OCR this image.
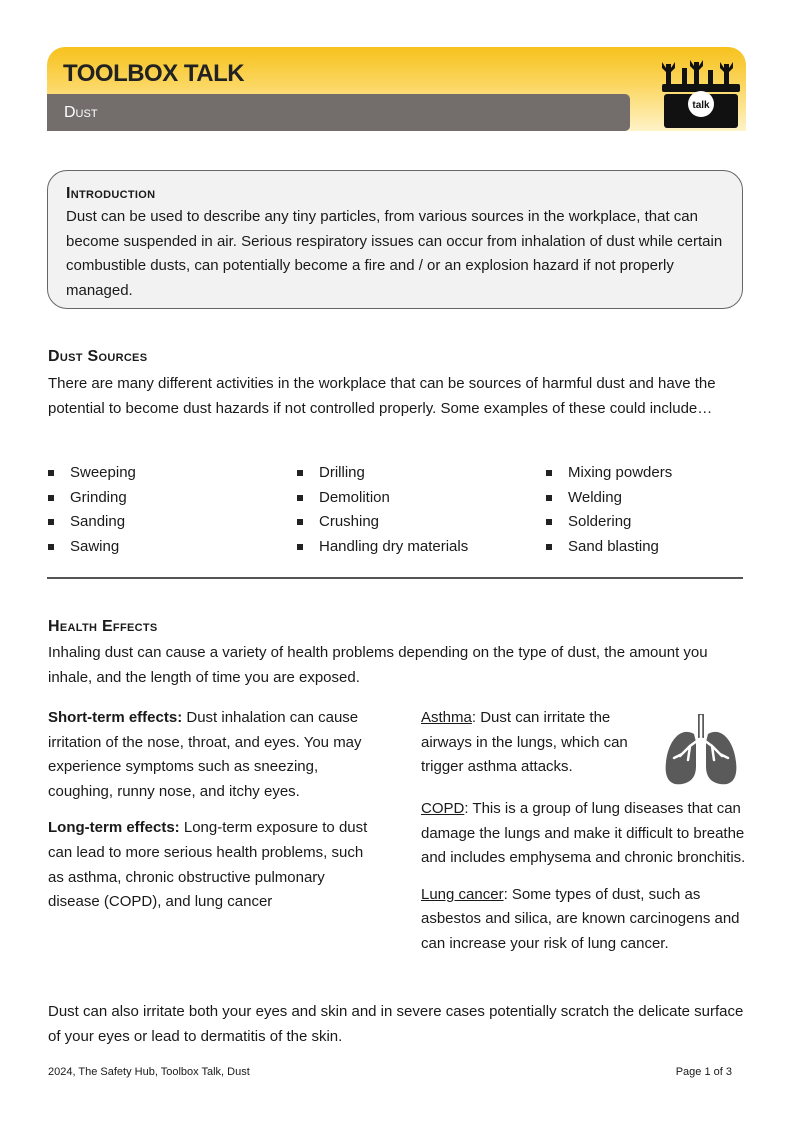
TOOLBOX TALK
Dust	talk
Introduction

Dust can be used to describe any tiny particles, from various sources in the workplace, that can become suspended in air. Serious respiratory issues can occur from inhalation of dust while certain combustible dusts, can potentially become a fire and / or an explosion hazard if not properly managed.

Dust Sources

There are many different activities in the workplace that can be sources of harmful dust and have the potential to become dust hazards if not controlled properly. Some examples of these could include…

Sweeping
Grinding
Sanding
Sawing
Drilling
Demolition
Crushing
Handling dry materials
Mixing powders
Welding
Soldering
Sand blasting
Health Effects

Inhaling dust can cause a variety of health problems depending on the type of dust, the amount you inhale, and the length of time you are exposed.

Short-term effects: Dust inhalation can cause irritation of the nose, throat, and eyes. You may experience symptoms such as sneezing, coughing, runny nose, and itchy eyes.

Long-term effects: Long-term exposure to dust can lead to more serious health problems, such as asthma, chronic obstructive pulmonary disease (COPD), and lung cancer

Asthma: Dust can irritate the airways in the lungs, which can trigger asthma attacks.

COPD: This is a group of lung diseases that can damage the lungs and make it difficult to breathe and includes emphysema and chronic bronchitis.

Lung cancer: Some types of dust, such as asbestos and silica, are known carcinogens and can increase your risk of lung cancer.

Dust can also irritate both your eyes and skin and in severe cases potentially scratch the delicate surface of your eyes or lead to dermatitis of the skin.

2024, The Safety Hub, Toolbox Talk, Dust	Page 1 of 3
